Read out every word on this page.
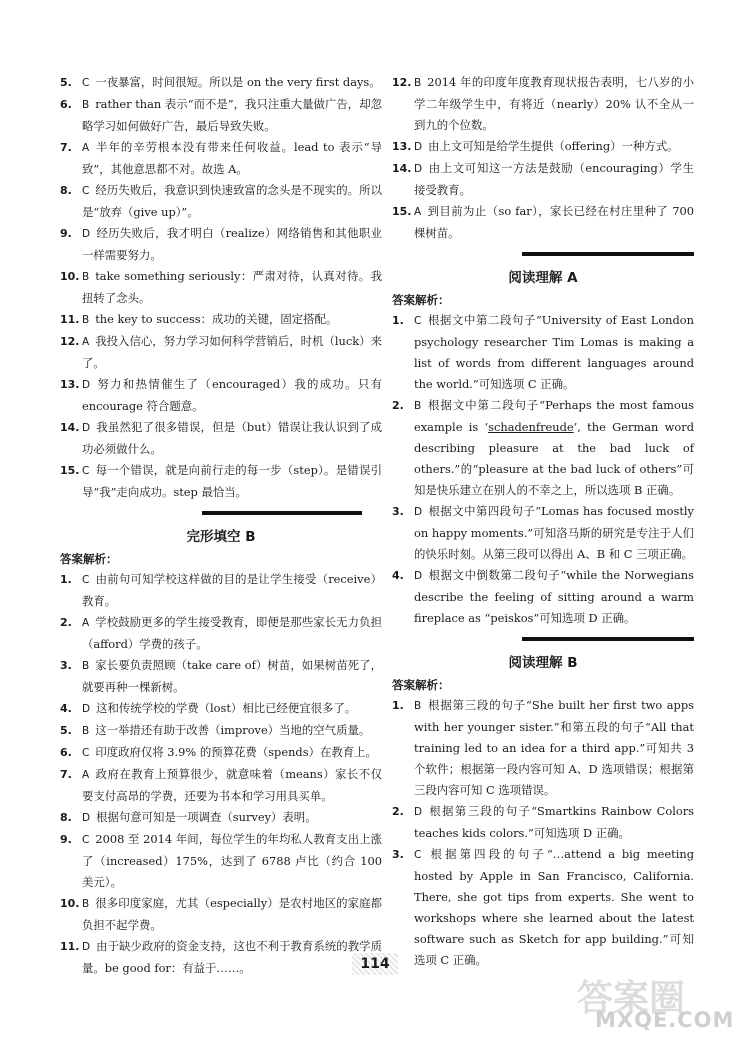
5. C 一夜暴富，时间很短。所以是 on the very first days。
6. B rather than 表示“而不是”，我只注重大量做广告，却忽略学习如何做好广告，最后导致失败。
7. A 半年的辛劳根本没有带来任何收益。lead to 表示“导致”，其他意思都不对。故选 A。
8. C 经历失败后，我意识到快速致富的念头是不现实的。所以是“放弃（give up）”。
9. D 经历失败后，我才明白（realize）网络销售和其他职业一样需要努力。
10. B take something seriously：严肃对待，认真对待。我扭转了念头。
11. B the key to success：成功的关键，固定搭配。
12. A 我投入信心，努力学习如何科学营销后，时机（luck）来了。
13. D 努力和热情催生了（encouraged）我的成功。只有 encourage 符合题意。
14. D 我虽然犯了很多错误，但是（but）错误让我认识到了成功必须做什么。
15. C 每一个错误，就是向前行走的每一步（step）。是错误引导“我”走向成功。step 最恰当。
完形填空 B
答案解析：
1. C 由前句可知学校这样做的目的是让学生接受（receive）教育。
2. A 学校鼓励更多的学生接受教育，即便是那些家长无力负担（afford）学费的孩子。
3. B 家长要负责照顾（take care of）树苗，如果树苗死了，就要再种一棵新树。
4. D 这和传统学校的学费（lost）相比已经便宜很多了。
5. B 这一举措还有助于改善（improve）当地的空气质量。
6. C 印度政府仅将 3.9% 的预算花费（spends）在教育上。
7. A 政府在教育上预算很少，就意味着（means）家长不仅要支付高昂的学费，还要为书本和学习用具买单。
8. D 根据句意可知是一项调查（survey）表明。
9. C 2008 至 2014 年间，每位学生的年均私人教育支出上涨了（increased）175%，达到了 6788 卢比（约合 100 美元）。
10. B 很多印度家庭，尤其（especially）是农村地区的家庭都负担不起学费。
11. D 由于缺少政府的资金支持，这也不利于教育系统的教学质量。be good for：有益于……。
12. B 2014 年的印度年度教育现状报告表明，七八岁的小学二年级学生中，有将近（nearly）20% 认不全从一到九的个位数。
13. D 由上文可知是给学生提供（offering）一种方式。
14. D 由上文可知这一方法是鼓励（encouraging）学生接受教育。
15. A 到目前为止（so far），家长已经在村庄里种了 700 棵树苗。
阅读理解 A
答案解析：
1. C 根据文中第二段句子“University of East London psychology researcher Tim Lomas is making a list of words from different languages around the world.”可知选项 C 正确。
2. B 根据文中第二段句子“Perhaps the most famous example is ‘schadenfreude’, the German word describing pleasure at the bad luck of others.”的“pleasure at the bad luck of others”可知是快乐建立在别人的不幸之上，所以选项 B 正确。
3. D 根据文中第四段句子“Lomas has focused mostly on happy moments.”可知洛马斯的研究是专注于人们的快乐时刻。从第三段可以得出 A、B 和 C 三项正确。
4. D 根据文中倒数第二段句子“while the Norwegians describe the feeling of sitting around a warm fireplace as “peiskos”可知选项 D 正确。
阅读理解 B
答案解析：
1. B 根据第三段的句子“She built her first two apps with her younger sister.”和第五段的句子“All that training led to an idea for a third app.”可知共 3 个软件；根据第一段内容可知 A、D 选项错误；根据第三段内容可知 C 选项错误。
2. D 根据第三段的句子“Smartkins Rainbow Colors teaches kids colors.”可知选项 D 正确。
3. C 根据第四段的句子“…attend a big meeting hosted by Apple in San Francisco, California. There, she got tips from experts. She went to workshops where she learned about the latest software such as Sketch for app building.”可知选项 C 正确。
114
答案圈
MXQE.COM
